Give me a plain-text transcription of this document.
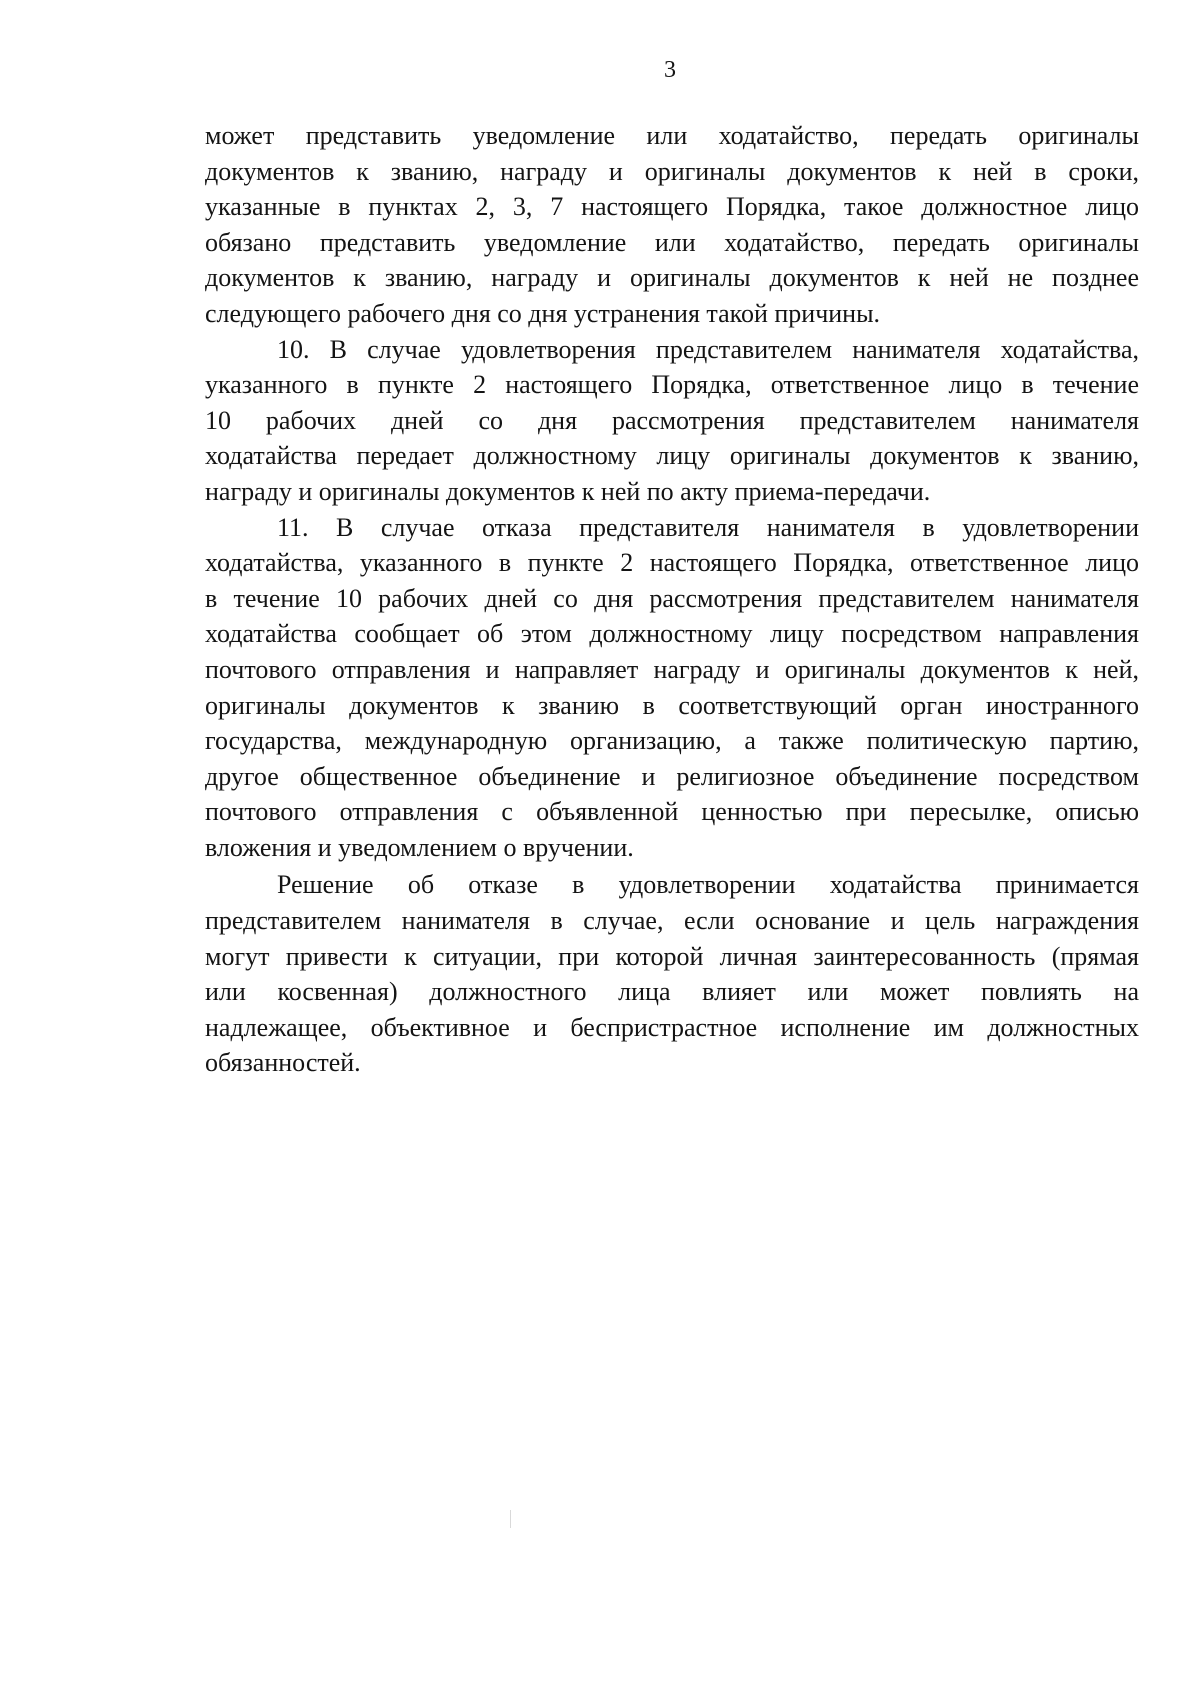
3
может представить уведомление или ходатайство, передать оригиналы
документов к званию, награду и оригиналы документов к ней в сроки,
указанные в пунктах 2, 3, 7 настоящего Порядка, такое должностное лицо
обязано представить уведомление или ходатайство, передать оригиналы
документов к званию, награду и оригиналы документов к ней не позднее
следующего рабочего дня со дня устранения такой причины.
10. В случае удовлетворения представителем нанимателя ходатайства,
указанного в пункте 2 настоящего Порядка, ответственное лицо в течение
10 рабочих дней со дня рассмотрения представителем нанимателя
ходатайства передает должностному лицу оригиналы документов к званию,
награду и оригиналы документов к ней по акту приема-передачи.
11. В случае отказа представителя нанимателя в удовлетворении
ходатайства, указанного в пункте 2 настоящего Порядка, ответственное лицо
в течение 10 рабочих дней со дня рассмотрения представителем нанимателя
ходатайства сообщает об этом должностному лицу посредством направления
почтового отправления и направляет награду и оригиналы документов к ней,
оригиналы документов к званию в соответствующий орган иностранного
государства, международную организацию, а также политическую партию,
другое общественное объединение и религиозное объединение посредством
почтового отправления с объявленной ценностью при пересылке, описью
вложения и уведомлением о вручении.
Решение об отказе в удовлетворении ходатайства принимается
представителем нанимателя в случае, если основание и цель награждения
могут привести к ситуации, при которой личная заинтересованность (прямая
или косвенная) должностного лица влияет или может повлиять на
надлежащее, объективное и беспристрастное исполнение им должностных
обязанностей.
